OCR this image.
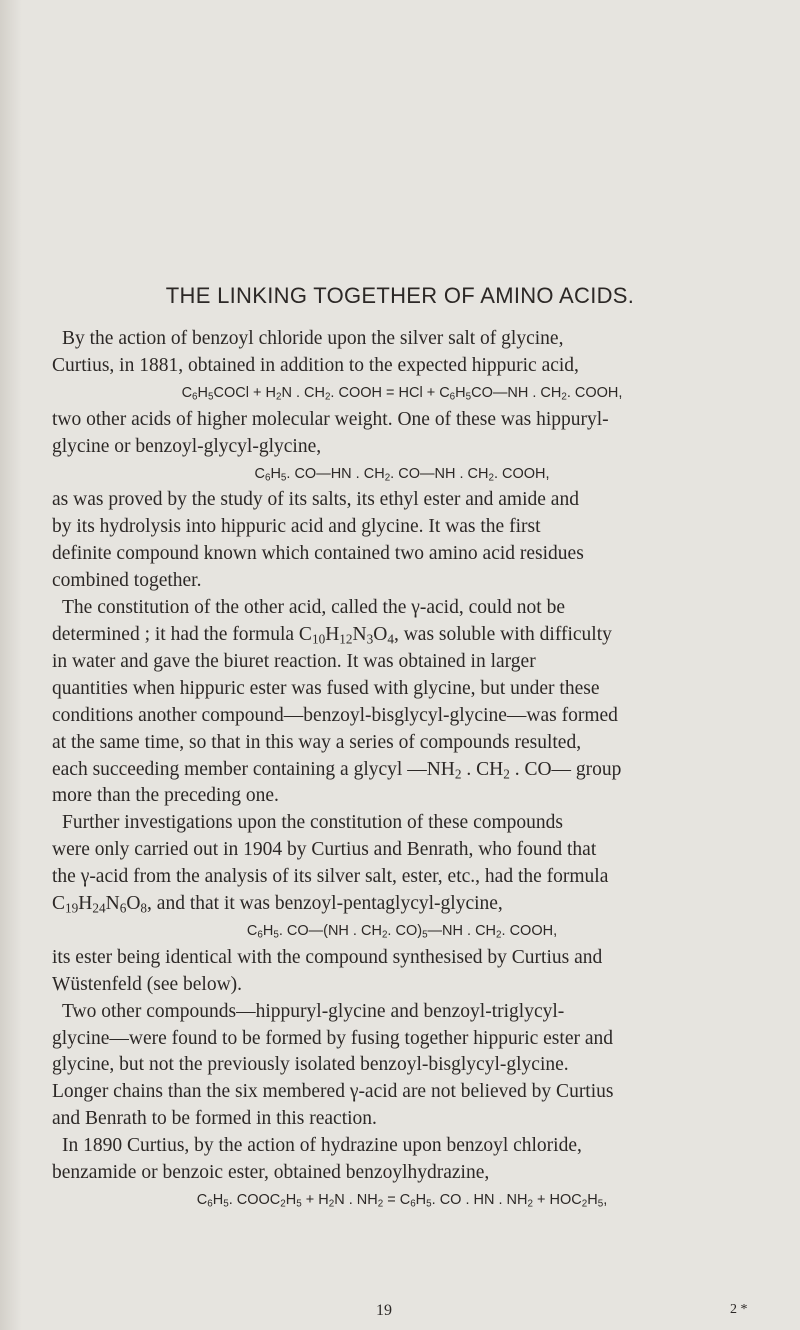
THE LINKING TOGETHER OF AMINO ACIDS.

By the action of benzoyl chloride upon the silver salt of glycine,

Curtius, in 1881, obtained in addition to the expected hippuric acid,

$C_6H_5COCl + H_2N$ . $CH_2$. COOH = HCl + $C_6H_5CO—NH$ . $CH_2$. COOH,

two other acids of higher molecular weight. One of these was hippuryl-

glycine or benzoyl-glycyl-glycine,

$C_6H_5$. CO—HN . $CH_2$. CO—NH . $CH_2$. COOH,

as was proved by the study of its salts, its ethyl ester and amide and

by its hydrolysis into hippuric acid and glycine. It was the first

definite compound known which contained two amino acid residues

combined together.

The constitution of the other acid, called the γ-acid, could not be

determined ; it had the formula $C_{10}H_{12}N_3O_4$, was soluble with difficulty

in water and gave the biuret reaction. It was obtained in larger

quantities when hippuric ester was fused with glycine, but under these

conditions another compound—benzoyl-bisglycyl-glycine—was formed

at the same time, so that in this way a series of compounds resulted,

each succeeding member containing a glycyl $—NH_2$ . $CH_2$ . CO— group

more than the preceding one.

Further investigations upon the constitution of these compounds

were only carried out in 1904 by Curtius and Benrath, who found that

the γ-acid from the analysis of its silver salt, ester, etc., had the formula

$C_{19}H_{24}N_6O_8$, and that it was benzoyl-pentaglycyl-glycine,

$C_6H_5$. CO—(NH . $CH_2$. $CO)_5—NH$ . $CH_2$. COOH,

its ester being identical with the compound synthesised by Curtius and

Wüstenfeld (see below).

Two other compounds—hippuryl-glycine and benzoyl-triglycyl-

glycine—were found to be formed by fusing together hippuric ester and

glycine, but not the previously isolated benzoyl-bisglycyl-glycine.

Longer chains than the six membered γ-acid are not believed by Curtius

and Benrath to be formed in this reaction.

In 1890 Curtius, by the action of hydrazine upon benzoyl chloride,

benzamide or benzoic ester, obtained benzoylhydrazine,

$C_6H_5$. $COOC_2H_5 + H_2N$ . $NH_2 = C_6H_5$. CO . HN . $NH_2 + HOC_2H_5$,
19	2 *
